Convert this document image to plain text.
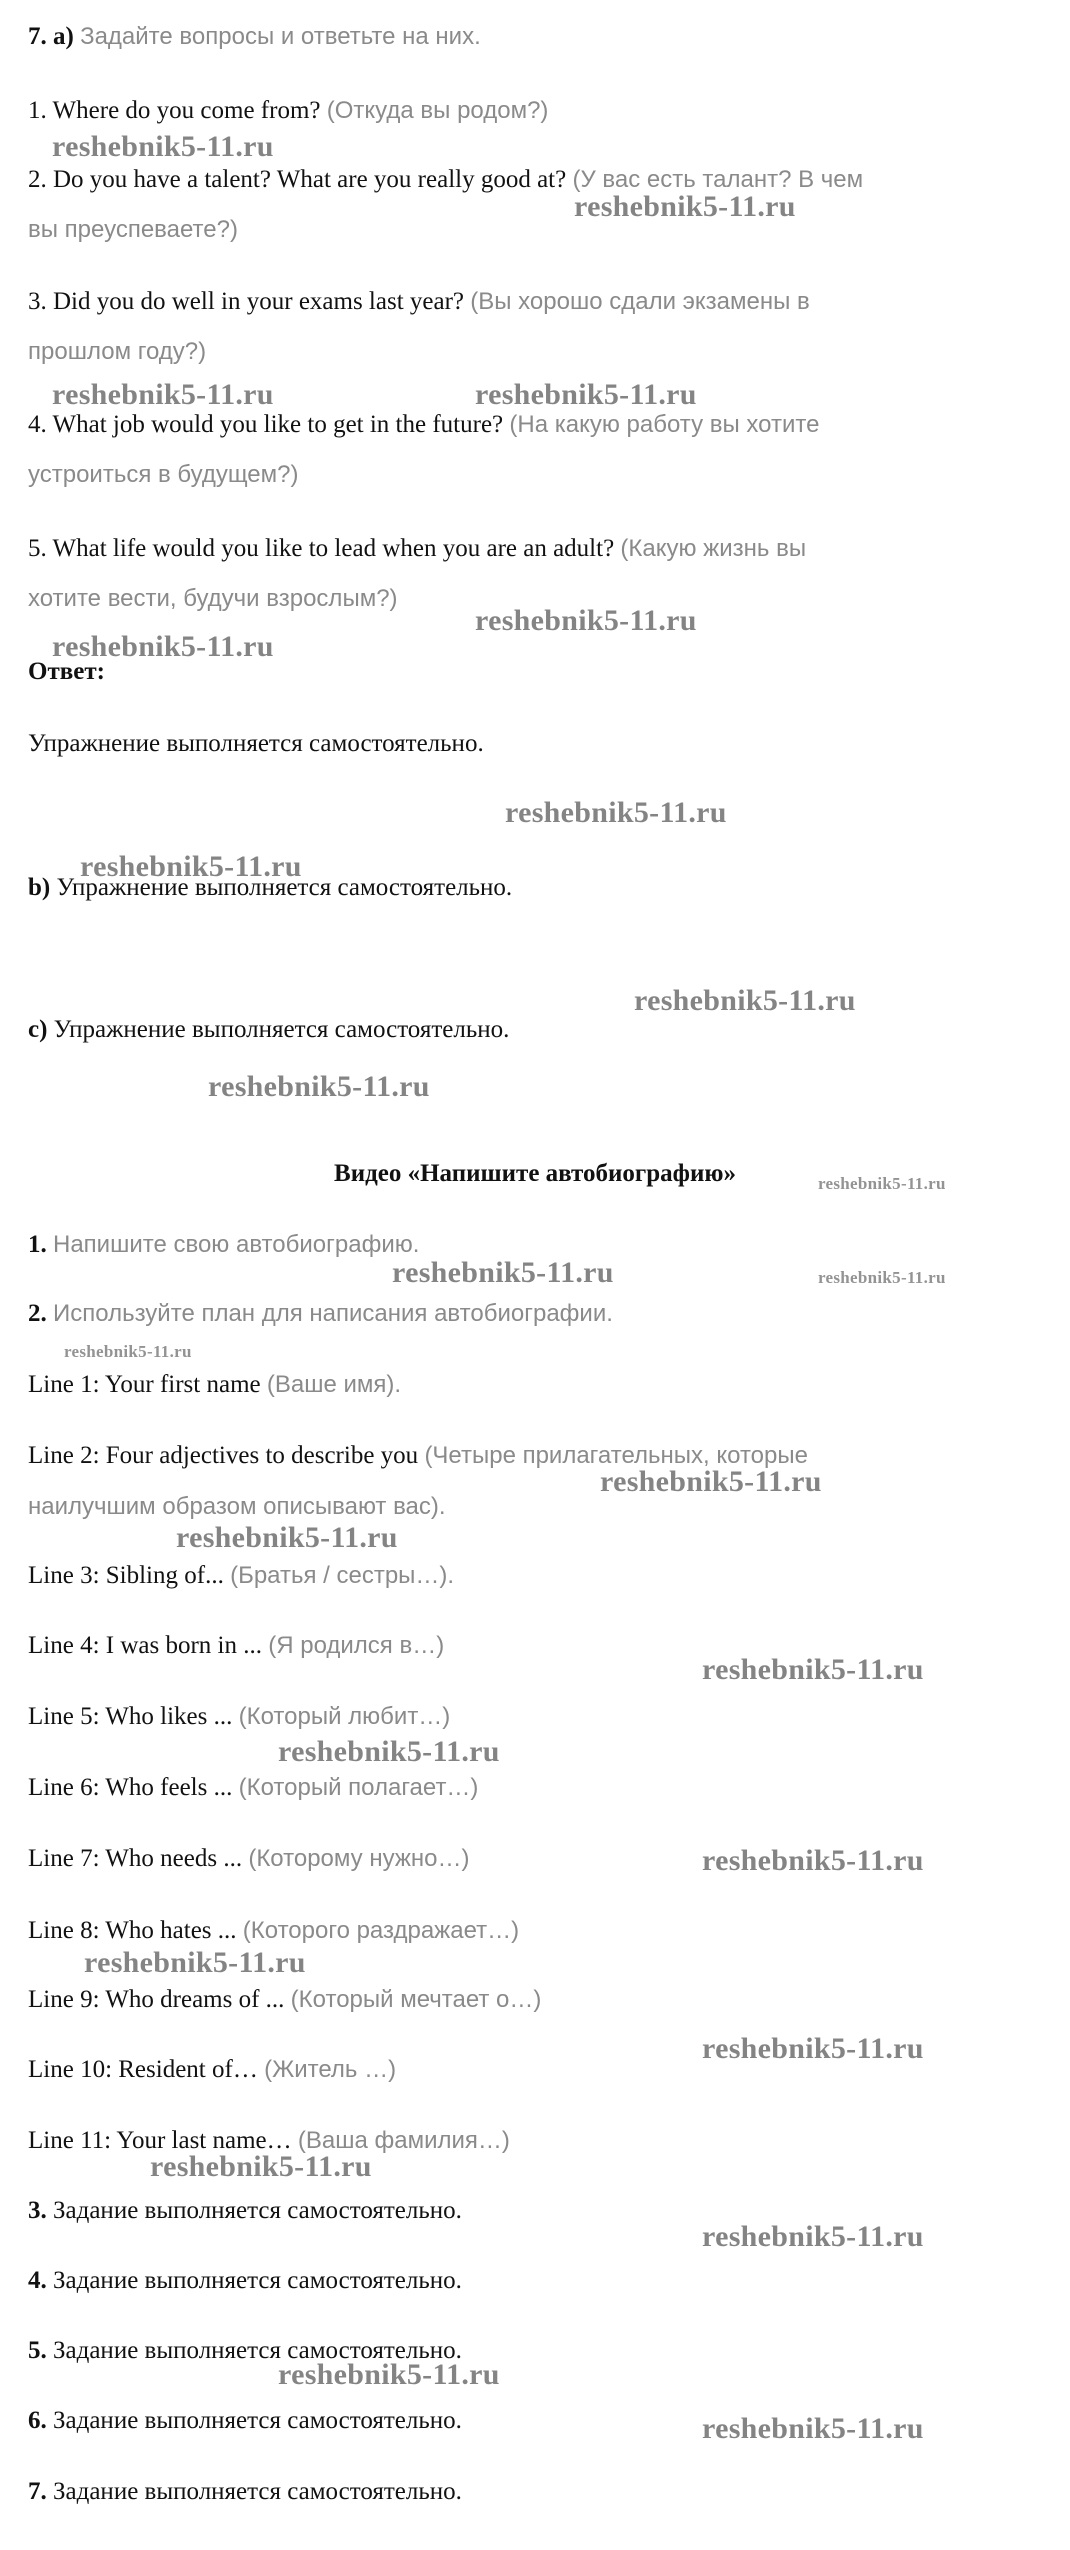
7. а) Задайте вопросы и ответьте на них.
1. Where do you come from? (Откуда вы родом?)
2. Do you have a talent? What are you really good at? (У вас есть талант? В чем
вы преуспеваете?)
3. Did you do well in your exams last year? (Вы хорошо сдали экзамены в
прошлом году?)
4. What job would you like to get in the future? (На какую работу вы хотите
устроиться в будущем?)
5. What life would you like to lead when you are an adult? (Какую жизнь вы
хотите вести, будучи взрослым?)
Ответ:
Упражнение выполняется самостоятельно.
b) Упражнение выполняется самостоятельно.
c) Упражнение выполняется самостоятельно.
Видео «Напишите автобиографию»
1. Напишите свою автобиографию.
2. Используйте план для написания автобиографии.
Line 1: Your first name (Ваше имя).
Line 2: Four adjectives to describe you (Четыре прилагательных, которые
наилучшим образом описывают вас).
Line 3: Sibling of... (Братья / сестры…).
Line 4: I was born in ... (Я родился в…)
Line 5: Who likes ... (Который любит…)
Line 6: Who feels ... (Который полагает…)
Line 7: Who needs ... (Которому нужно…)
Line 8: Who hates ... (Которого раздражает…)
Line 9: Who dreams of ... (Который мечтает о…)
Line 10: Resident of… (Житель …)
Line 11: Your last name… (Ваша фамилия…)
3. Задание выполняется самостоятельно.
4. Задание выполняется самостоятельно.
5. Задание выполняется самостоятельно.
6. Задание выполняется самостоятельно.
7. Задание выполняется самостоятельно.
reshebnik5-11.ru
reshebnik5-11.ru
reshebnik5-11.ru	reshebnik5-11.ru
reshebnik5-11.ru
reshebnik5-11.ru
reshebnik5-11.ru
reshebnik5-11.ru
reshebnik5-11.ru
reshebnik5-11.ru
reshebnik5-11.ru
reshebnik5-11.ru	reshebnik5-11.ru
reshebnik5-11.ru
reshebnik5-11.ru
reshebnik5-11.ru
reshebnik5-11.ru
reshebnik5-11.ru
reshebnik5-11.ru
reshebnik5-11.ru
reshebnik5-11.ru
reshebnik5-11.ru
reshebnik5-11.ru
reshebnik5-11.ru
reshebnik5-11.ru
